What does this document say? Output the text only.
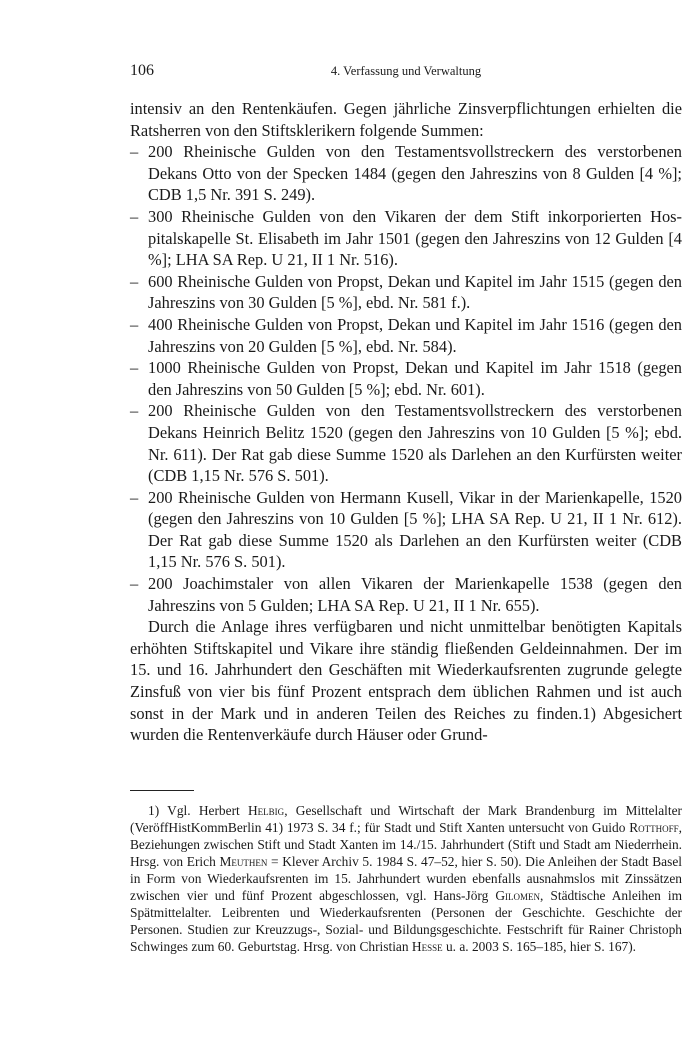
106	4. Verfassung und Verwaltung

intensiv an den Rentenkäufen. Gegen jährliche Zinsverpflichtungen erhielten die Ratsherren von den Stiftsklerikern folgende Summen:

– 200 Rheinische Gulden von den Testamentsvollstreckern des verstorbenen Dekans Otto von der Specken 1484 (gegen den Jahreszins von 8 Gulden [4 %]; CDB 1,5 Nr. 391 S. 249).
– 300 Rheinische Gulden von den Vikaren der dem Stift inkorporierten Hospitalskapelle St. Elisabeth im Jahr 1501 (gegen den Jahreszins von 12 Gulden [4 %]; LHA SA Rep. U 21, II 1 Nr. 516).
– 600 Rheinische Gulden von Propst, Dekan und Kapitel im Jahr 1515 (gegen den Jahreszins von 30 Gulden [5 %], ebd. Nr. 581 f.).
– 400 Rheinische Gulden von Propst, Dekan und Kapitel im Jahr 1516 (gegen den Jahreszins von 20 Gulden [5 %], ebd. Nr. 584).
– 1000 Rheinische Gulden von Propst, Dekan und Kapitel im Jahr 1518 (gegen den Jahreszins von 50 Gulden [5 %]; ebd. Nr. 601).
– 200 Rheinische Gulden von den Testamentsvollstreckern des verstorbenen Dekans Heinrich Belitz 1520 (gegen den Jahreszins von 10 Gulden [5 %]; ebd. Nr. 611). Der Rat gab diese Summe 1520 als Darlehen an den Kurfürsten weiter (CDB 1,15 Nr. 576 S. 501).
– 200 Rheinische Gulden von Hermann Kusell, Vikar in der Marienkapelle, 1520 (gegen den Jahreszins von 10 Gulden [5 %]; LHA SA Rep. U 21, II 1 Nr. 612). Der Rat gab diese Summe 1520 als Darlehen an den Kurfürsten weiter (CDB 1,15 Nr. 576 S. 501).
– 200 Joachimstaler von allen Vikaren der Marienkapelle 1538 (gegen den Jahreszins von 5 Gulden; LHA SA Rep. U 21, II 1 Nr. 655).

Durch die Anlage ihres verfügbaren und nicht unmittelbar benötigten Kapitals erhöhten Stiftskapitel und Vikare ihre ständig fließenden Geldeinnahmen. Der im 15. und 16. Jahrhundert den Geschäften mit Wiederkaufsrenten zugrunde gelegte Zinsfuß von vier bis fünf Prozent entsprach dem üblichen Rahmen und ist auch sonst in der Mark und in anderen Teilen des Reiches zu finden.1) Abgesichert wurden die Rentenverkäufe durch Häuser oder Grund-

1) Vgl. Herbert Helbig, Gesellschaft und Wirtschaft der Mark Brandenburg im Mittelalter (VeröffHistKommBerlin 41) 1973 S. 34 f.; für Stadt und Stift Xanten untersucht von Guido Rotthoff, Beziehungen zwischen Stift und Stadt Xanten im 14./15. Jahrhundert (Stift und Stadt am Niederrhein. Hrsg. von Erich Meuthen = Klever Archiv 5. 1984 S. 47–52, hier S. 50). Die Anleihen der Stadt Basel in Form von Wiederkaufsrenten im 15. Jahrhundert wurden ebenfalls ausnahmslos mit Zinssätzen zwischen vier und fünf Prozent abgeschlossen, vgl. Hans-Jörg Gilomen, Städtische Anleihen im Spätmittelalter. Leibrenten und Wiederkaufsrenten (Personen der Geschichte. Geschichte der Personen. Studien zur Kreuzzugs-, Sozial- und Bildungsgeschichte. Festschrift für Rainer Christoph Schwinges zum 60. Geburtstag. Hrsg. von Christian Hesse u. a. 2003 S. 165–185, hier S. 167).
